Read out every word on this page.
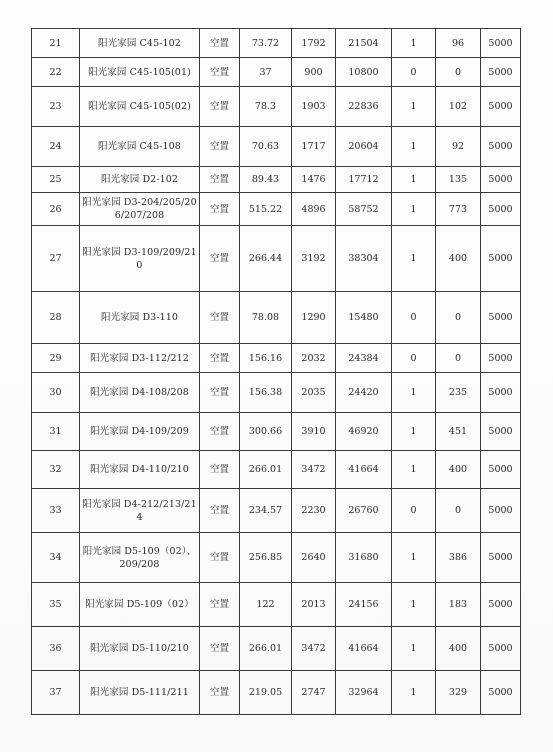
21	阳光家园 C45-102	空置	73.72	1792	21504	1	96	5000
22	阳光家园 C45-105(01)	空置	37	900	10800	0	0	5000
23	阳光家园 C45-105(02)	空置	78.3	1903	22836	1	102	5000
24	阳光家园 C45-108	空置	70.63	1717	20604	1	92	5000
25	阳光家园 D2-102	空置	89.43	1476	17712	1	135	5000
26	阳光家园 D3-204/205/206/207/208	空置	515.22	4896	58752	1	773	5000
27	阳光家园 D3-109/209/210	空置	266.44	3192	38304	1	400	5000
28	阳光家园 D3-110	空置	78.08	1290	15480	0	0	5000
29	阳光家园 D3-112/212	空置	156.16	2032	24384	0	0	5000
30	阳光家园 D4-108/208	空置	156.38	2035	24420	1	235	5000
31	阳光家园 D4-109/209	空置	300.66	3910	46920	1	451	5000
32	阳光家园 D4-110/210	空置	266.01	3472	41664	1	400	5000
33	阳光家园 D4-212/213/214	空置	234.57	2230	26760	0	0	5000
34	阳光家园 D5-109（02）、209/208	空置	256.85	2640	31680	1	386	5000
35	阳光家园 D5-109（02）	空置	122	2013	24156	1	183	5000
36	阳光家园 D5-110/210	空置	266.01	3472	41664	1	400	5000
37	阳光家园 D5-111/211	空置	219.05	2747	32964	1	329	5000
